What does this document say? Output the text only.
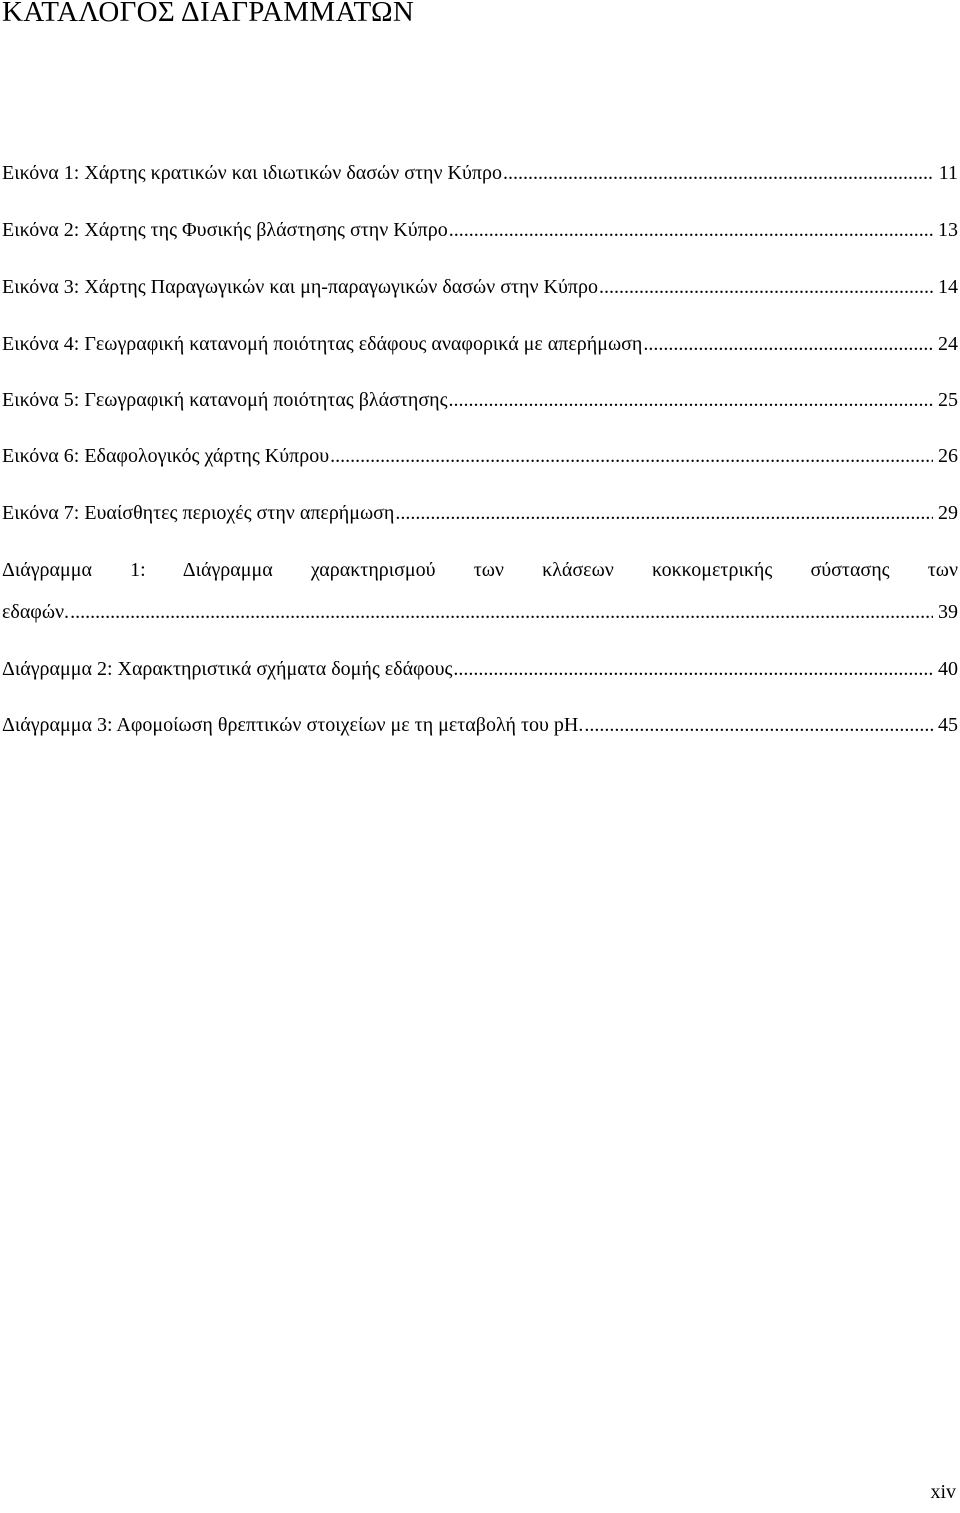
ΚΑΤΑΛΟΓΟΣ ΔΙΑΓΡΑΜΜΑΤΩΝ
Εικόνα 1: Χάρτης κρατικών και ιδιωτικών δασών στην Κύπρο .....	11
Εικόνα 2: Χάρτης της Φυσικής βλάστησης στην Κύπρο .....	13
Εικόνα 3: Χάρτης Παραγωγικών και μη-παραγωγικών δασών στην Κύπρο .....	14
Εικόνα 4: Γεωγραφική κατανομή ποιότητας εδάφους αναφορικά με απερήμωση .....	24
Εικόνα 5: Γεωγραφική κατανομή ποιότητας βλάστησης .....	25
Εικόνα 6: Εδαφολογικός χάρτης Κύπρου .....	26
Εικόνα 7: Ευαίσθητες περιοχές στην απερήμωση .....	29
Διάγραμμα 1: Διάγραμμα χαρακτηρισμού των κλάσεων κοκκομετρικής σύστασης των
εδαφών. .....	39
Διάγραμμα 2: Χαρακτηριστικά σχήματα δομής εδάφους .....	40
Διάγραμμα 3: Αφομοίωση θρεπτικών στοιχείων με τη μεταβολή του pH. .....	45
xiv
